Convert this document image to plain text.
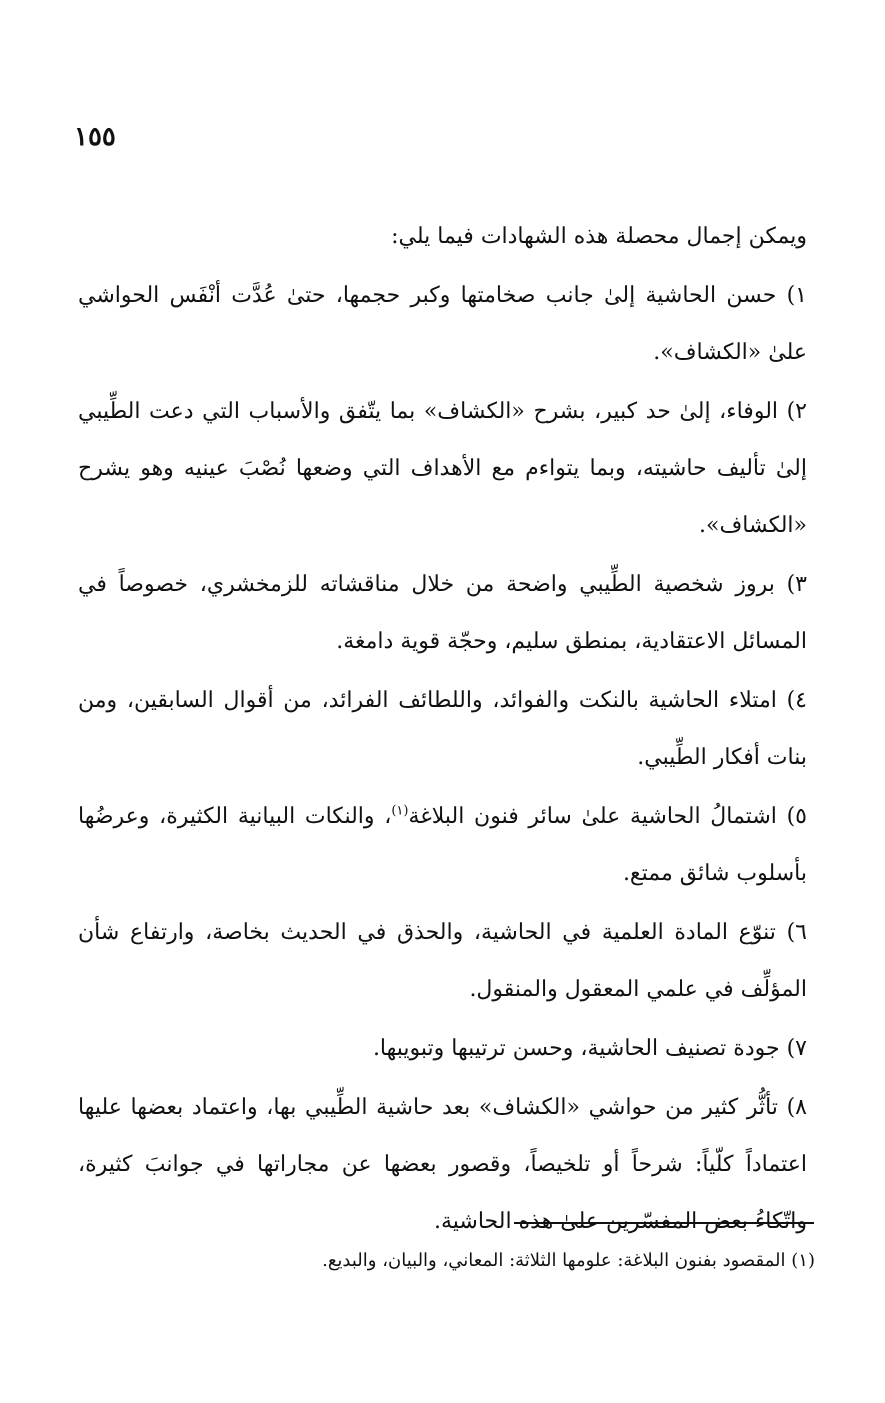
١٥٥

ويمكن إجمال محصلة هذه الشهادات فيما يلي:

١) حسن الحاشية إلىٰ جانب صخامتها وكبر حجمها، حتىٰ عُدَّت أنْفَس الحواشي علىٰ «الكشاف».

٢) الوفاء، إلىٰ حد كبير، بشرح «الكشاف» بما يتّفق والأسباب التي دعت الطِّيبي إلىٰ تأليف حاشيته، وبما يتواءم مع الأهداف التي وضعها نُصْبَ عينيه وهو يشرح «الكشاف».

٣) بروز شخصية الطِّيبي واضحة من خلال مناقشاته للزمخشري، خصوصاً في المسائل الاعتقادية، بمنطق سليم، وحجّة قوية دامغة.

٤) امتلاء الحاشية بالنكت والفوائد، واللطائف الفرائد، من أقوال السابقين، ومن بنات أفكار الطِّيبي.

٥) اشتمالُ الحاشية علىٰ سائر فنون البلاغة$^{(١)}$، والنكات البيانية الكثيرة، وعرضُها بأسلوب شائق ممتع.

٦) تنوّع المادة العلمية في الحاشية، والحذق في الحديث بخاصة، وارتفاع شأن المؤلِّف في علمي المعقول والمنقول.

٧) جودة تصنيف الحاشية، وحسن ترتيبها وتبويبها.

٨) تأثُّر كثير من حواشي «الكشاف» بعد حاشية الطِّيبي بها، واعتماد بعضها عليها اعتماداً كلّياً: شرحاً أو تلخيصاً، وقصور بعضها عن مجاراتها في جوانبَ كثيرة، واتّكاءُ بعض المفسّرين علىٰ هذه الحاشية.

(١) المقصود بفنون البلاغة: علومها الثلاثة: المعاني، والبيان، والبديع.
